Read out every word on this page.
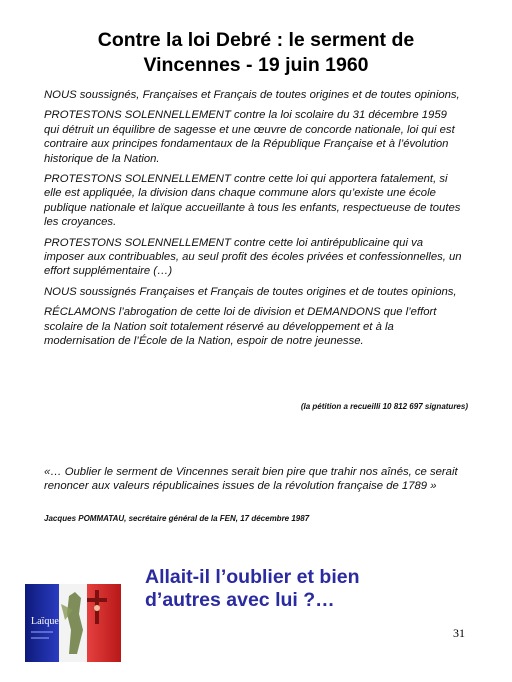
Contre la loi Debré : le serment de
Vincennes - 19 juin 1960

NOUS soussignés, Françaises et Français de toutes origines et de toutes opinions,

PROTESTONS SOLENNELLEMENT contre la loi scolaire du 31 décembre 1959 qui détruit un équilibre de sagesse et une œuvre de concorde nationale, loi qui est contraire aux principes fondamentaux de la République Française et à l’évolution historique de la Nation.

PROTESTONS SOLENNELLEMENT contre cette loi qui apportera fatalement, si elle est appliquée, la division dans chaque commune alors qu’existe une école publique nationale et laïque accueillante à tous les enfants, respectueuse de toutes les croyances.

PROTESTONS SOLENNELLEMENT contre cette loi antirépublicaine qui va imposer aux contribuables, au seul profit des écoles privées et confessionnelles, un effort supplémentaire (…)

NOUS soussignés Françaises et Français de toutes origines et de toutes opinions,

RÉCLAMONS l’abrogation de cette loi de division et DEMANDONS que l’effort scolaire de la Nation soit totalement réservé au développement et à la modernisation de l’École de la Nation, espoir de notre jeunesse.

(la pétition a recueilli 10 812 697 signatures)
«… Oublier le serment de Vincennes serait bien pire que trahir nos aînés, ce serait renoncer aux valeurs républicaines issues de la révolution française de 1789 »
Jacques POMMATAU, secrétaire général de la FEN, 17 décembre 1987
Laïque
Allait-il l’oublier et bien
d’autres avec lui ?…
31
